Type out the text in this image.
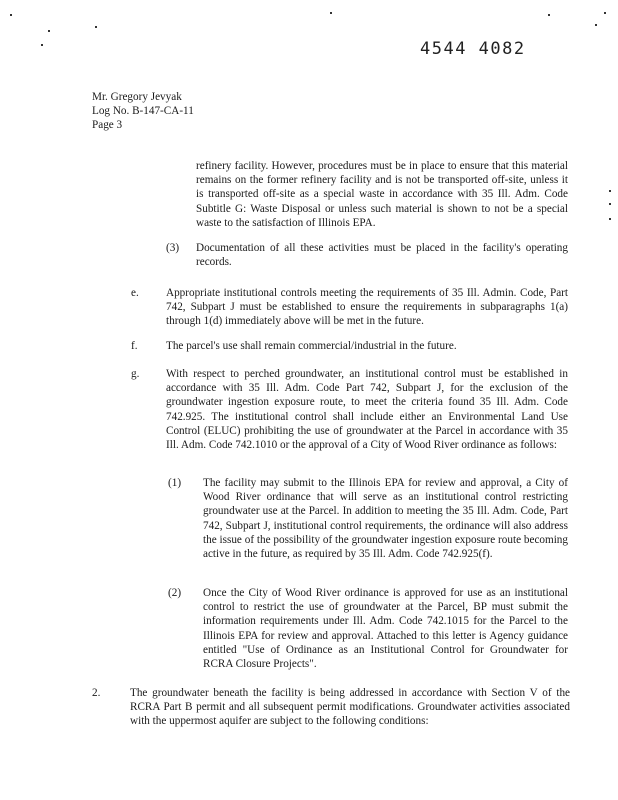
4544 4082
Mr. Gregory Jevyak
Log No. B-147-CA-11
Page 3
refinery facility. However, procedures must be in place to ensure that this material remains on the former refinery facility and is not be transported off-site, unless it is transported off-site as a special waste in accordance with 35 Ill. Adm. Code Subtitle G: Waste Disposal or unless such material is shown to not be a special waste to the satisfaction of Illinois EPA.
(3) Documentation of all these activities must be placed in the facility's operating records.
e. Appropriate institutional controls meeting the requirements of 35 Ill. Admin. Code, Part 742, Subpart J must be established to ensure the requirements in subparagraphs 1(a) through 1(d) immediately above will be met in the future.
f.	The parcel's use shall remain commercial/industrial in the future.
g. With respect to perched groundwater, an institutional control must be established in accordance with 35 Ill. Adm. Code Part 742, Subpart J, for the exclusion of the groundwater ingestion exposure route, to meet the criteria found 35 Ill. Adm. Code 742.925. The institutional control shall include either an Environmental Land Use Control (ELUC) prohibiting the use of groundwater at the Parcel in accordance with 35 Ill. Adm. Code 742.1010 or the approval of a City of Wood River ordinance as follows:
(1) The facility may submit to the Illinois EPA for review and approval, a City of Wood River ordinance that will serve as an institutional control restricting groundwater use at the Parcel. In addition to meeting the 35 Ill. Adm. Code, Part 742, Subpart J, institutional control requirements, the ordinance will also address the issue of the possibility of the groundwater ingestion exposure route becoming active in the future, as required by 35 Ill. Adm. Code 742.925(f).
(2) Once the City of Wood River ordinance is approved for use as an institutional control to restrict the use of groundwater at the Parcel, BP must submit the information requirements under Ill. Adm. Code 742.1015 for the Parcel to the Illinois EPA for review and approval. Attached to this letter is Agency guidance entitled "Use of Ordinance as an Institutional Control for Groundwater for RCRA Closure Projects".
2.	The groundwater beneath the facility is being addressed in accordance with Section V of the RCRA Part B permit and all subsequent permit modifications. Groundwater activities associated with the uppermost aquifer are subject to the following conditions:
